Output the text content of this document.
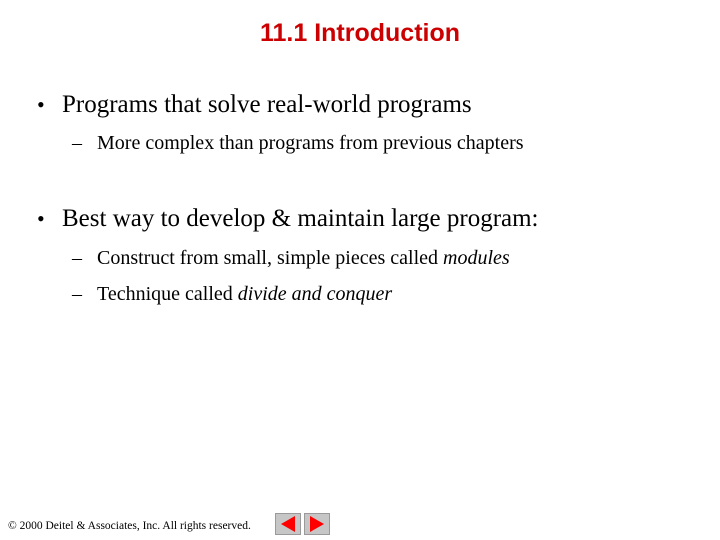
11.1 Introduction
• Programs that solve real-world programs
– More complex than programs from previous chapters
• Best way to develop & maintain large program:
– Construct from small, simple pieces called modules
– Technique called divide and conquer
© 2000 Deitel & Associates, Inc. All rights reserved.
